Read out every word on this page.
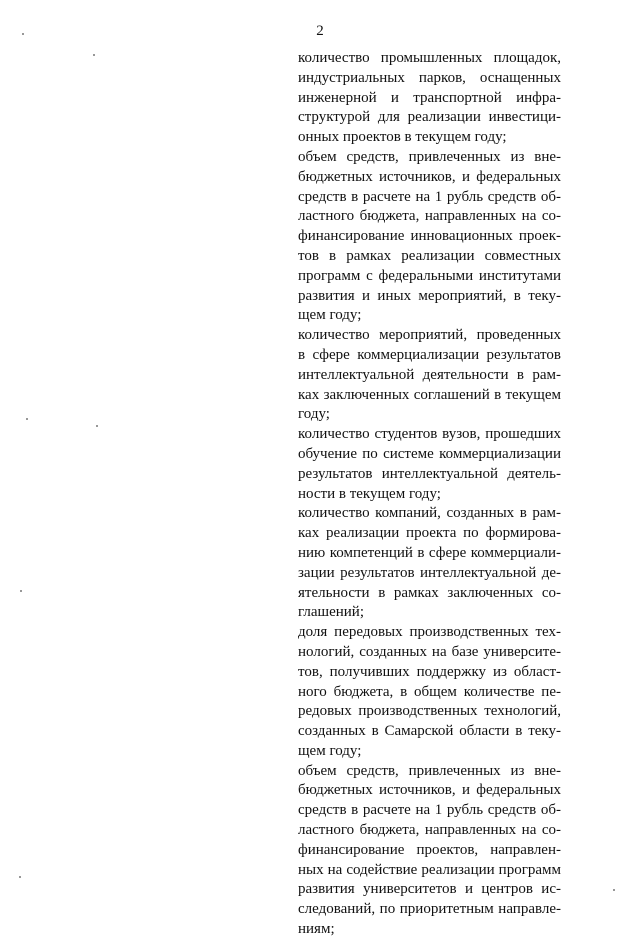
2
количество промышленных площадок,
индустриальных парков, оснащенных
инженерной и транспортной инфра-
структурой для реализации инвестици-
онных проектов в текущем году;
объем средств, привлеченных из вне-
бюджетных источников, и федеральных
средств в расчете на 1 рубль средств об-
ластного бюджета, направленных на со-
финансирование инновационных проек-
тов в рамках реализации совместных
программ с федеральными институтами
развития и иных мероприятий, в теку-
щем году;
количество мероприятий, проведенных
в сфере коммерциализации результатов
интеллектуальной деятельности в рам-
ках заключенных соглашений в текущем
году;
количество студентов вузов, прошедших
обучение по системе коммерциализации
результатов интеллектуальной деятель-
ности в текущем году;
количество компаний, созданных в рам-
ках реализации проекта по формирова-
нию компетенций в сфере коммерциали-
зации результатов интеллектуальной де-
ятельности в рамках заключенных со-
глашений;
доля передовых производственных тех-
нологий, созданных на базе университе-
тов, получивших поддержку из област-
ного бюджета, в общем количестве пе-
редовых производственных технологий,
созданных в Самарской области в теку-
щем году;
объем средств, привлеченных из вне-
бюджетных источников, и федеральных
средств в расчете на 1 рубль средств об-
ластного бюджета, направленных на со-
финансирование проектов, направлен-
ных на содействие реализации программ
развития университетов и центров ис-
следований, по приоритетным направле-
ниям;
